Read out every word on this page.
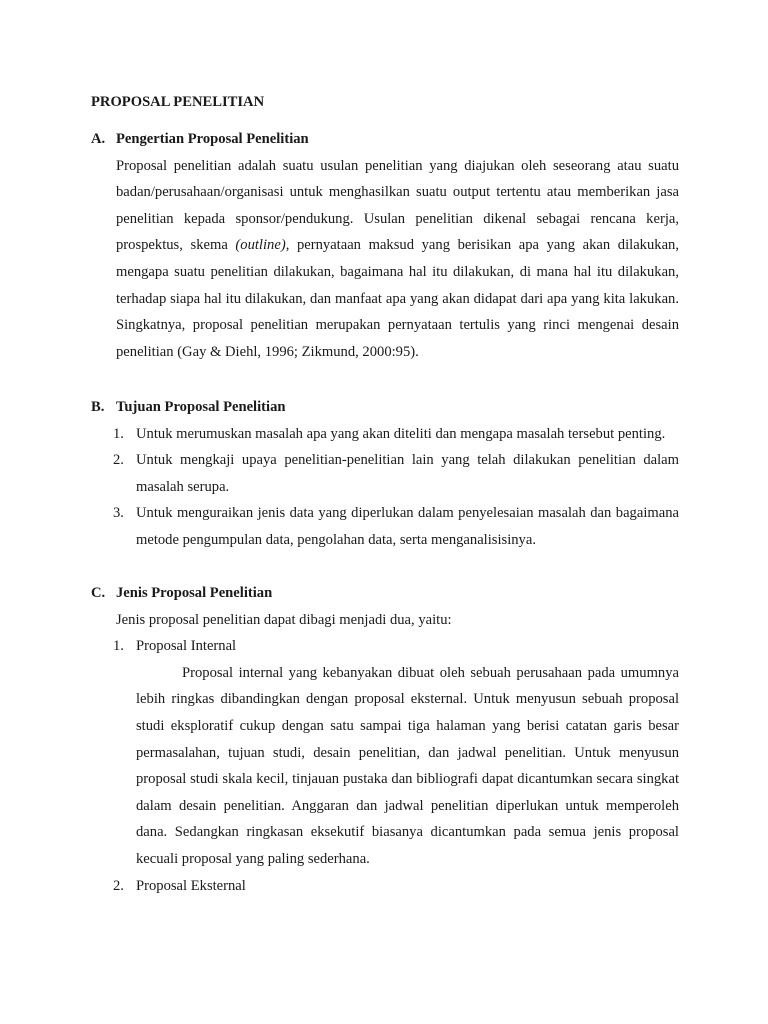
PROPOSAL PENELITIAN
A. Pengertian Proposal Penelitian

Proposal penelitian adalah suatu usulan penelitian yang diajukan oleh seseorang atau suatu badan/perusahaan/organisasi untuk menghasilkan suatu output tertentu atau memberikan jasa penelitian kepada sponsor/pendukung. Usulan penelitian dikenal sebagai rencana kerja, prospektus, skema (outline), pernyataan maksud yang berisikan apa yang akan dilakukan, mengapa suatu penelitian dilakukan, bagaimana hal itu dilakukan, di mana hal itu dilakukan, terhadap siapa hal itu dilakukan, dan manfaat apa yang akan didapat dari apa yang kita lakukan. Singkatnya, proposal penelitian merupakan pernyataan tertulis yang rinci mengenai desain penelitian (Gay & Diehl, 1996; Zikmund, 2000:95).

B. Tujuan Proposal Penelitian
1. Untuk merumuskan masalah apa yang akan diteliti dan mengapa masalah tersebut penting.
2. Untuk mengkaji upaya penelitian-penelitian lain yang telah dilakukan penelitian dalam masalah serupa.
3. Untuk menguraikan jenis data yang diperlukan dalam penyelesaian masalah dan bagaimana metode pengumpulan data, pengolahan data, serta menganalisisinya.
C. Jenis Proposal Penelitian

Jenis proposal penelitian dapat dibagi menjadi dua, yaitu:

1. Proposal Internal

Proposal internal yang kebanyakan dibuat oleh sebuah perusahaan pada umumnya lebih ringkas dibandingkan dengan proposal eksternal. Untuk menyusun sebuah proposal studi eksploratif cukup dengan satu sampai tiga halaman yang berisi catatan garis besar permasalahan, tujuan studi, desain penelitian, dan jadwal penelitian. Untuk menyusun proposal studi skala kecil, tinjauan pustaka dan bibliografi dapat dicantumkan secara singkat dalam desain penelitian. Anggaran dan jadwal penelitian diperlukan untuk memperoleh dana. Sedangkan ringkasan eksekutif biasanya dicantumkan pada semua jenis proposal kecuali proposal yang paling sederhana.

2. Proposal Eksternal
